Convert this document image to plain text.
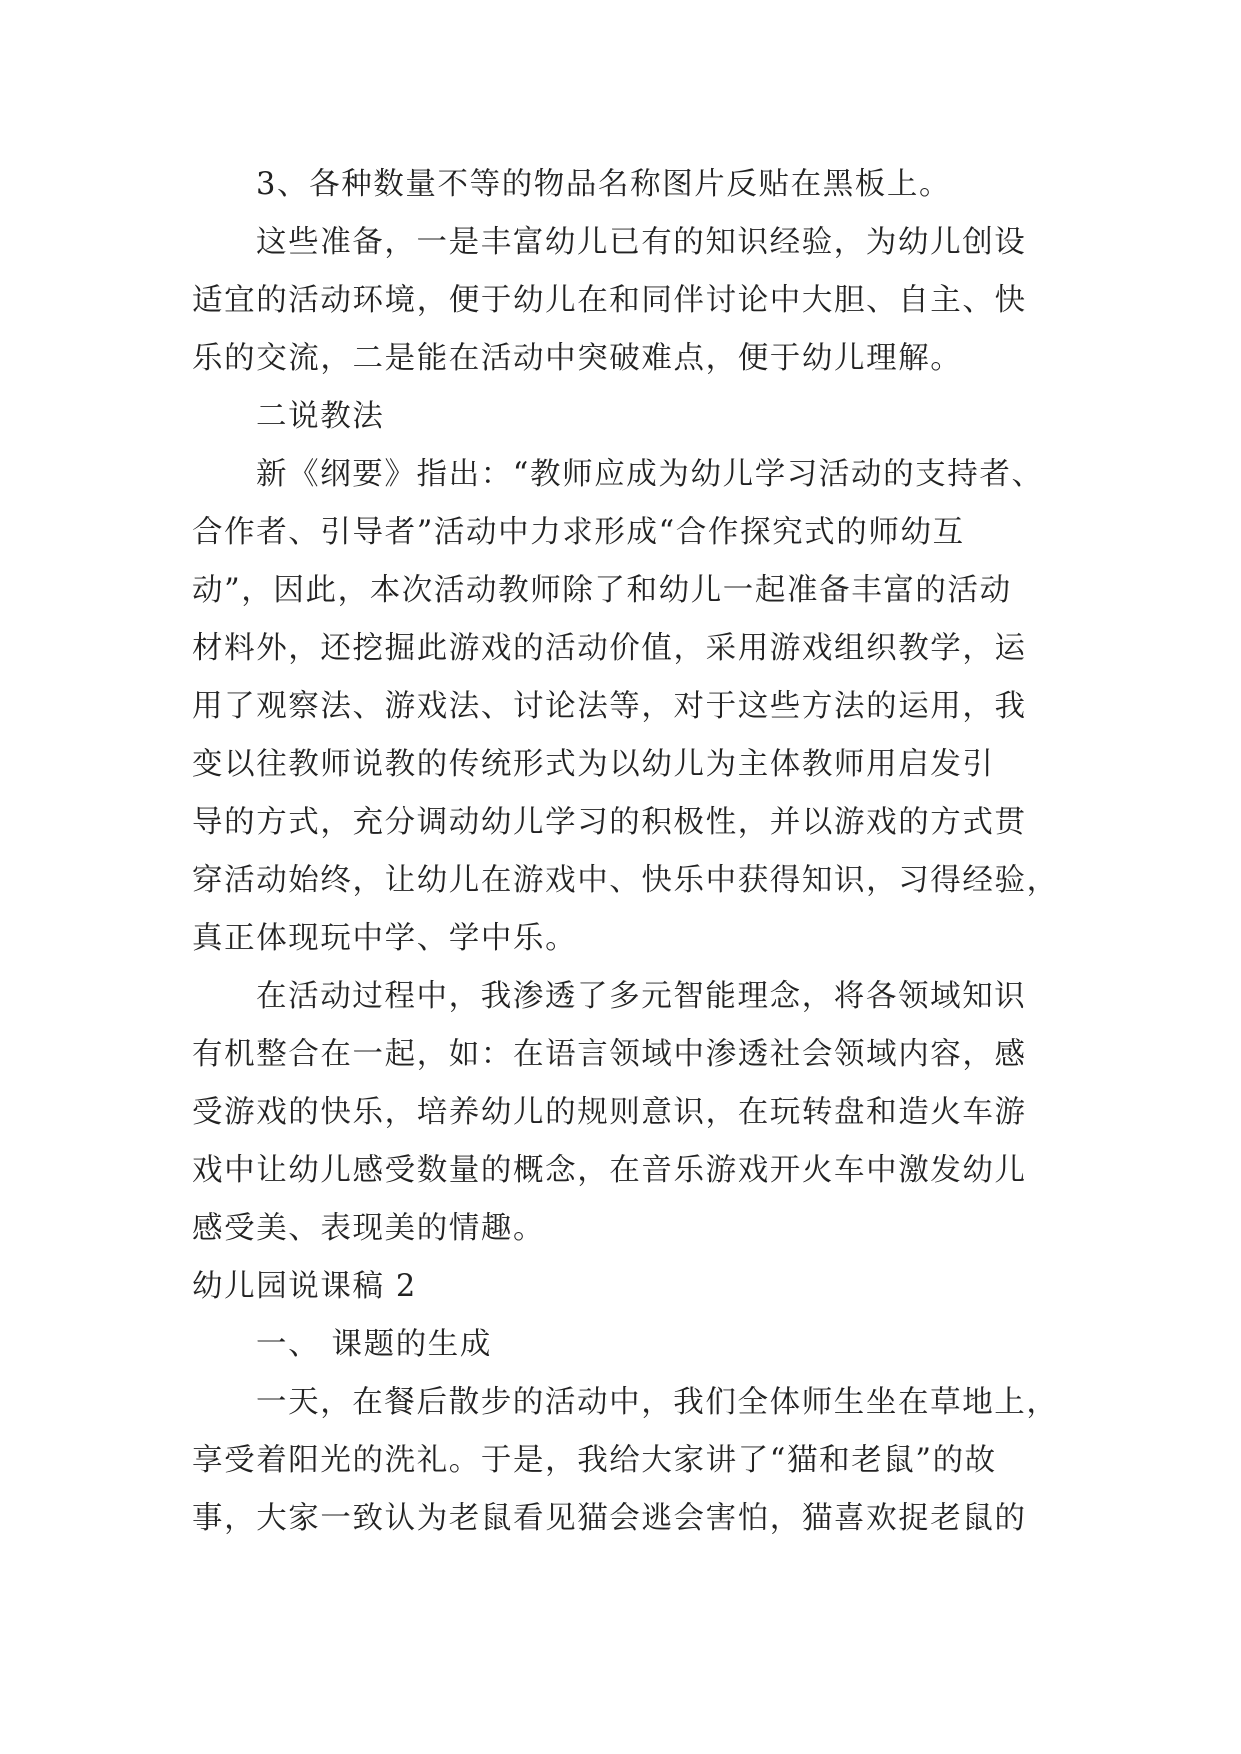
3、各种数量不等的物品名称图片反贴在黑板上。

这些准备，一是丰富幼儿已有的知识经验，为幼儿创设

适宜的活动环境，便于幼儿在和同伴讨论中大胆、自主、快

乐的交流，二是能在活动中突破难点，便于幼儿理解。

二说教法

新《纲要》指出：“教师应成为幼儿学习活动的支持者、

合作者、引导者”活动中力求形成“合作探究式的师幼互

动”，因此，本次活动教师除了和幼儿一起准备丰富的活动

材料外，还挖掘此游戏的活动价值，采用游戏组织教学，运

用了观察法、游戏法、讨论法等，对于这些方法的运用，我

变以往教师说教的传统形式为以幼儿为主体教师用启发引

导的方式，充分调动幼儿学习的积极性，并以游戏的方式贯

穿活动始终，让幼儿在游戏中、快乐中获得知识，习得经验，

真正体现玩中学、学中乐。

在活动过程中，我渗透了多元智能理念，将各领域知识

有机整合在一起，如：在语言领域中渗透社会领域内容，感

受游戏的快乐，培养幼儿的规则意识，在玩转盘和造火车游

戏中让幼儿感受数量的概念，在音乐游戏开火车中激发幼儿

感受美、表现美的情趣。

幼儿园说课稿 2

一、 课题的生成

一天，在餐后散步的活动中，我们全体师生坐在草地上，

享受着阳光的洗礼。于是，我给大家讲了“猫和老鼠”的故

事，大家一致认为老鼠看见猫会逃会害怕，猫喜欢捉老鼠的
